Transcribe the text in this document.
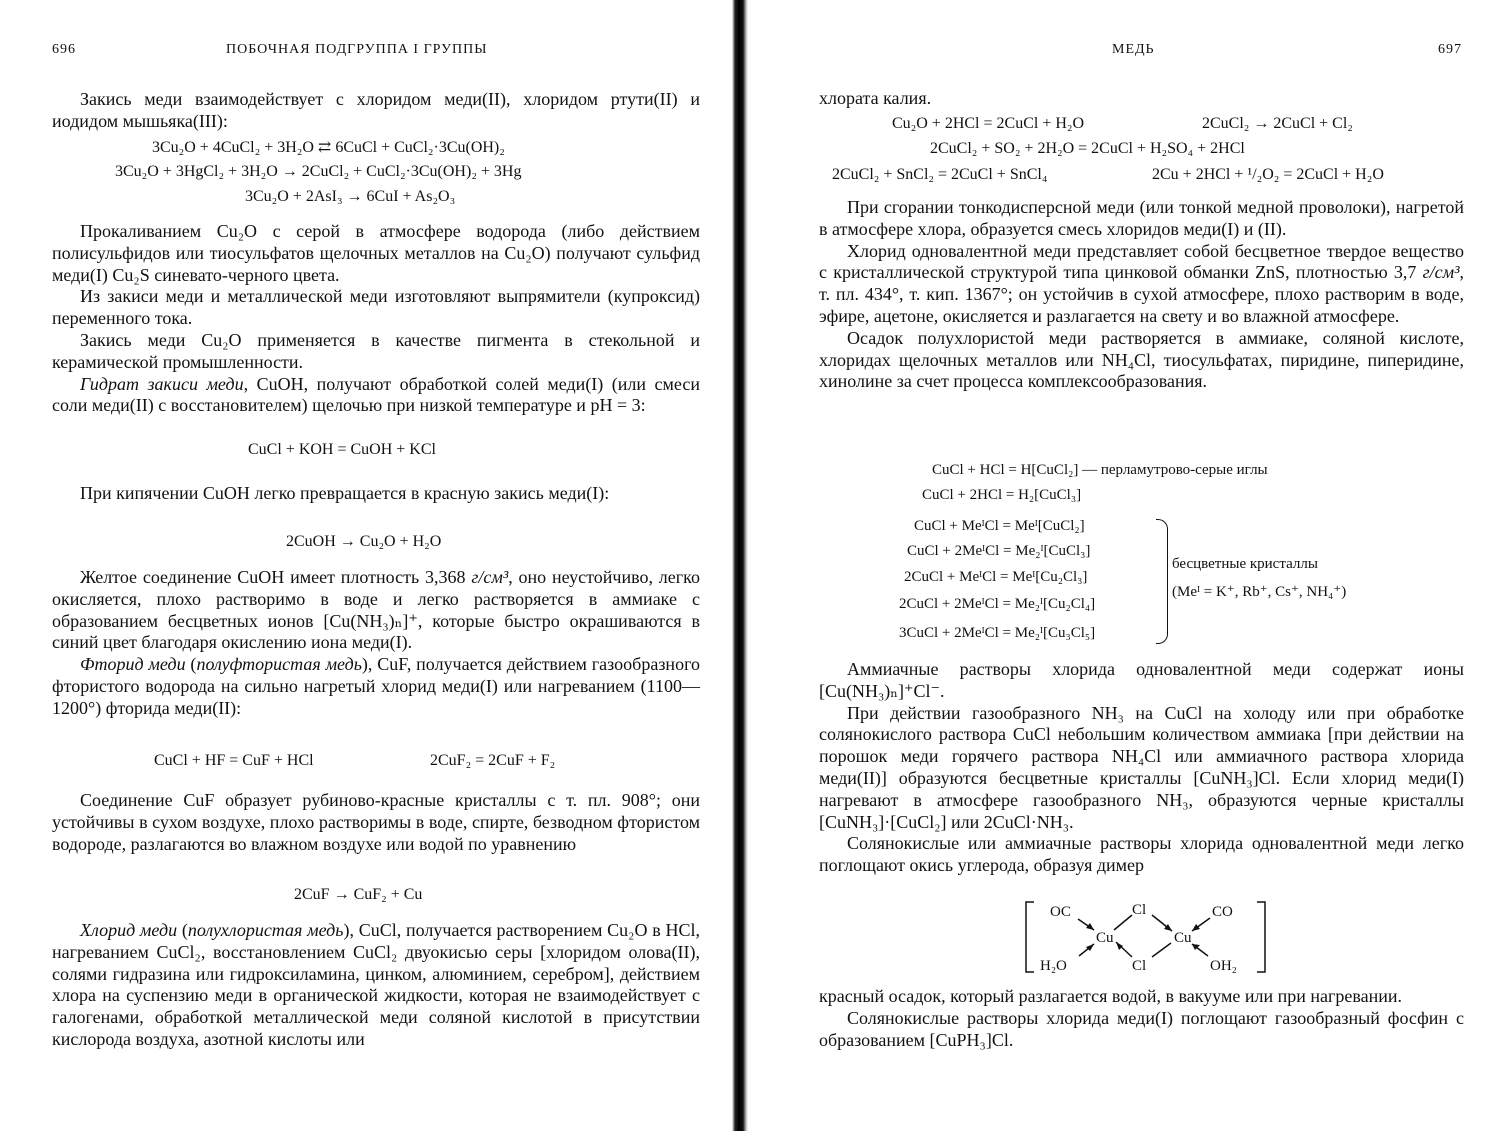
696	ПОБОЧНАЯ ПОДГРУППА I ГРУППЫ
Закись меди взаимодействует с хлоридом меди(II), хлоридом ртути(II) и иодидом мышьяка(III):
3Cu₂O + 4CuCl₂ + 3H₂O ⇄ 6CuCl + CuCl₂·3Cu(OH)₂
3Cu₂O + 3HgCl₂ + 3H₂O → 2CuCl₂ + CuCl₂·3Cu(OH)₂ + 3Hg
3Cu₂O + 2AsI₃ → 6CuI + As₂O₃

Прокаливанием Cu₂O с серой в атмосфере водорода (либо действием полисульфидов или тиосульфатов щелочных металлов на Cu₂O) получают сульфид меди(I) Cu₂S синевато-черного цвета.

Из закиси меди и металлической меди изготовляют выпрямители (купроксид) переменного тока.

Закись меди Cu₂O применяется в качестве пигмента в стекольной и керамической промышленности.

Гидрат закиси меди, CuOH, получают обработкой солей меди(I) (или смеси соли меди(II) с восстановителем) щелочью при низкой температуре и pH = 3:

CuCl + KOH = CuOH + KCl
При кипячении CuOH легко превращается в красную закись меди(I):
2CuOH → Cu₂O + H₂O

Желтое соединение CuOH имеет плотность 3,368 г/см³, оно неустойчиво, легко окисляется, плохо растворимо в воде и легко растворяется в аммиаке с образованием бесцветных ионов [Cu(NH₃)ₙ]⁺, которые быстро окрашиваются в синий цвет благодаря окислению иона меди(I).

Фторид меди (полуфтористая медь), CuF, получается действием газообразного фтористого водорода на сильно нагретый хлорид меди(I) или нагреванием (1100—1200°) фторида меди(II):

CuCl + HF = CuF + HCl	2CuF₂ = 2CuF + F₂
Соединение CuF образует рубиново-красные кристаллы с т. пл. 908°; они устойчивы в сухом воздухе, плохо растворимы в воде, спирте, безводном фтористом водороде, разлагаются во влажном воздухе или водой по уравнению
2CuF → CuF₂ + Cu
Хлорид меди (полухлористая медь), CuCl, получается растворением Cu₂O в HCl, нагреванием CuCl₂, восстановлением CuCl₂ двуокисью серы [хлоридом олова(II), солями гидразина или гидроксиламина, цинком, алюминием, серебром], действием хлора на суспензию меди в органической жидкости, которая не взаимодействует с галогенами, обработкой металлической меди соляной кислотой в присутствии кислорода воздуха, азотной кислоты или
МЕДЬ	697
хлората калия.
Cu₂O + 2HCl = 2CuCl + H₂O	2CuCl₂ → 2CuCl + Cl₂
2CuCl₂ + SO₂ + 2H₂O = 2CuCl + H₂SO₄ + 2HCl
2CuCl₂ + SnCl₂ = 2CuCl + SnCl₄	2Cu + 2HCl + ¹/₂O₂ = 2CuCl + H₂O

При сгорании тонкодисперсной меди (или тонкой медной проволоки), нагретой в атмосфере хлора, образуется смесь хлоридов меди(I) и (II).

Хлорид одновалентной меди представляет собой бесцветное твердое вещество с кристаллической структурой типа цинковой обманки ZnS, плотностью 3,7 г/см³, т. пл. 434°, т. кип. 1367°; он устойчив в сухой атмосфере, плохо растворим в воде, эфире, ацетоне, окисляется и разлагается на свету и во влажной атмосфере.

Осадок полухлористой меди растворяется в аммиаке, соляной кислоте, хлоридах щелочных металлов или NH₄Cl, тиосульфатах, пиридине, пиперидине, хинолине за счет процесса комплексообразования.

CuCl + HCl = H[CuCl₂] — перламутрово-серые иглы
CuCl + 2HCl = H₂[CuCl₃]
CuCl + MeᴵCl = Meᴵ[CuCl₂]
CuCl + 2MeᴵCl = Me₂ᴵ[CuCl₃]
2CuCl + MeᴵCl = Meᴵ[Cu₂Cl₃]
2CuCl + 2MeᴵCl = Me₂ᴵ[Cu₂Cl₄]
3CuCl + 2MeᴵCl = Me₂ᴵ[Cu₃Cl₅]
бесцветные кристаллы
(Meᴵ = K⁺, Rb⁺, Cs⁺, NH₄⁺)

Аммиачные растворы хлорида одновалентной меди содержат ионы [Cu(NH₃)ₙ]⁺Cl⁻.

При действии газообразного NH₃ на CuCl на холоду или при обработке солянокислого раствора CuCl небольшим количеством аммиака [при действии на порошок меди горячего раствора NH₄Cl или аммиачного раствора хлорида меди(II)] образуются бесцветные кристаллы [CuNH₃]Cl. Если хлорид меди(I) нагревают в атмосфере газообразного NH₃, образуются черные кристаллы [CuNH₃]·[CuCl₂] или 2CuCl·NH₃.

Солянокислые или аммиачные растворы хлорида одновалентной меди легко поглощают окись углерода, образуя димер

OC	Cl	CO
Cu	Cu
H₂O	Cl	OH₂

красный осадок, который разлагается водой, в вакууме или при нагревании.

Солянокислые растворы хлорида меди(I) поглощают газообразный фосфин с образованием [CuPH₃]Cl.
